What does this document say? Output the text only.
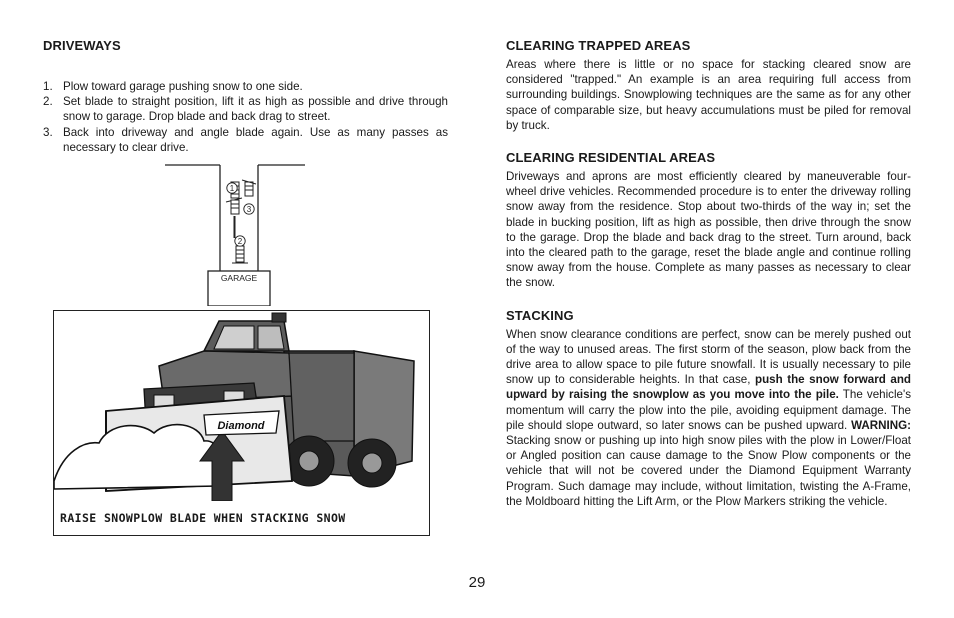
DRIVEWAYS
1. Plow toward garage pushing snow to one side.
2. Set blade to straight position, lift it as high as possible and drive through snow to garage. Drop blade and back drag to street.
3. Back into driveway and angle blade again. Use as many passes as necessary to clear drive.
1
3
2
GARAGE
Diamond
RAISE SNOWPLOW BLADE WHEN STACKING SNOW
CLEARING TRAPPED AREAS

Areas where there is little or no space for stacking cleared snow are considered "trapped." An example is an area requiring full access from surrounding buildings. Snowplowing techniques are the same as for any other space of comparable size, but heavy accumulations must be piled for removal by truck.

CLEARING RESIDENTIAL AREAS

Driveways and aprons are most efficiently cleared by maneuverable four-wheel drive vehicles. Recommended procedure is to enter the driveway rolling snow away from the residence. Stop about two-thirds of the way in; set the blade in bucking position, lift as high as possible, then drive through the snow to the garage. Drop the blade and back drag to the street. Turn around, back into the cleared path to the garage, reset the blade angle and continue rolling snow away from the house. Complete as many passes as necessary to clear the snow.

STACKING

When snow clearance conditions are perfect, snow can be merely pushed out of the way to unused areas. The first storm of the season, plow back from the drive area to allow space to pile future snowfall. It is usually necessary to pile snow up to considerable heights. In that case, push the snow forward and upward by raising the snowplow as you move into the pile. The vehicle's momentum will carry the plow into the pile, avoiding equipment damage. The pile should slope outward, so later snows can be pushed upward. WARNING: Stacking snow or pushing up into high snow piles with the plow in Lower/Float or Angled position can cause damage to the Snow Plow components or the vehicle that will not be covered under the Diamond Equipment Warranty Program. Such damage may include, without limitation, twisting the A-Frame, the Moldboard hitting the Lift Arm, or the Plow Markers striking the vehicle.

29
